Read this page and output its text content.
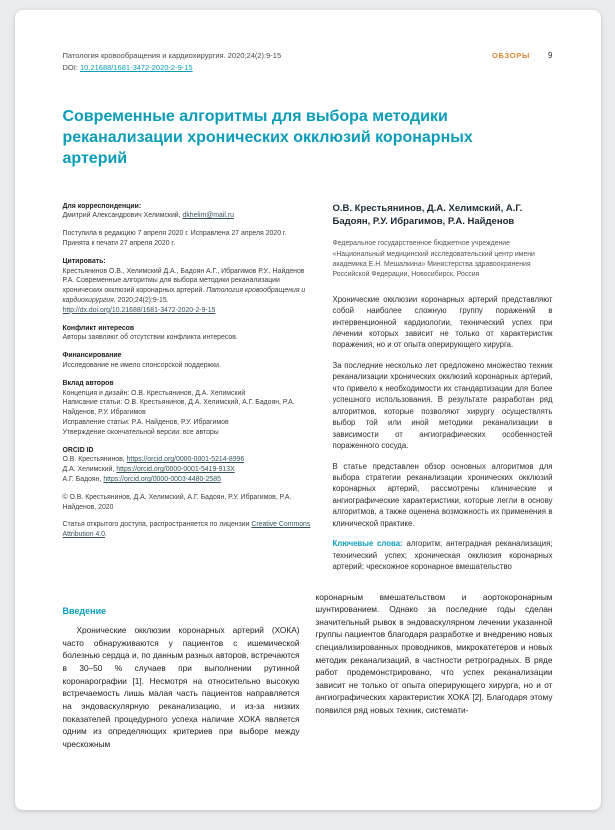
Патология кровообращения и кардиохирургия. 2020;24(2):9-15
DOI: 10.21688/1681-3472-2020-2-9-15
ОБЗОРЫ 9
Современные алгоритмы для выбора методики реканализации хронических окклюзий коронарных артерий
Для корреспонденции:
Дмитрий Александрович Хелимский, dkhelim@mail.ru
Поступила в редакцию 7 апреля 2020 г. Исправлена 27 апреля 2020 г. Принята к печати 27 апреля 2020 г.
Цитировать:
Крестьянинов О.В., Хелимский Д.А., Бадоян А.Г., Ибрагимов Р.У., Найденов Р.А. Современные алгоритмы для выбора методики реканализации хронических окклюзий коронарных артерий. Патология кровообращения и кардиохирургия. 2020;24(2):9-15.
http://dx.doi.org/10.21688/1681-3472-2020-2-9-15
Конфликт интересов
Авторы заявляют об отсутствии конфликта интересов.
Финансирование
Исследование не имело спонсорской поддержки.
Вклад авторов
Концепция и дизайн: О.В. Крестьянинов, Д.А. Хелимский
Написание статьи: О.В. Крестьянинов, Д.А. Хелимский, А.Г. Бадоян, Р.А. Найденов, Р.У. Ибрагимов
Исправление статьи: Р.А. Найденов, Р.У. Ибрагимов
Утверждение окончательной версии: все авторы
ORCID ID
О.В. Крестьянинов, https://orcid.org/0000-0001-5214-8996
Д.А. Хелимский, https://orcid.org/0000-0001-5419-913X
А.Г. Бадоян, https://orcid.org/0000-0003-4480-2585
© О.В. Крестьянинов, Д.А. Хелимский, А.Г. Бадоян, Р.У. Ибрагимов, Р.А. Найденов, 2020
Статья открытого доступа, распространяется по лицензии Creative Commons Attribution 4.0.
О.В. Крестьянинов, Д.А. Хелимский, А.Г. Бадоян, Р.У. Ибрагимов, Р.А. Найденов
Федеральное государственное бюджетное учреждение «Национальный медицинский исследовательский центр имени академика Е.Н. Мешалкина» Министерства здравоохранения Российской Федерации, Новосибирск, Россия

Хронические окклюзии коронарных артерий представляют собой наиболее сложную группу поражений в интервенционной кардиологии, технический успех при лечении которых зависит не только от характеристик поражения, но и от опыта оперирующего хирурга.

За последние несколько лет предложено множество техник реканализации хронических окклюзий коронарных артерий, что привело к необходимости их стандартизации для более успешного использования. В результате разработан ряд алгоритмов, которые позволяют хирургу осуществлять выбор той или иной методики реканализации в зависимости от ангиографических особенностей пораженного сосуда.

В статье представлен обзор основных алгоритмов для выбора стратегии реканализации хронических окклюзий коронарных артерий, рассмотрены клинические и ангиографические характеристики, которые легли в основу алгоритмов, а также оценена возможность их применения в клинической практике.

Ключевые слова: алгоритм; антеградная реканализация; технический успех; хроническая окклюзия коронарных артерий; чрескожное коронарное вмешательство

Введение

Хронические окклюзии коронарных артерий (ХОКА) часто обнаруживаются у пациентов с ишемической болезнью сердца и, по данным разных авторов, встречаются в 30–50 % случаев при выполнении рутинной коронарографии [1]. Несмотря на относительно высокую встречаемость лишь малая часть пациентов направляется на эндоваскулярную реканализацию, и из-за низких показателей процедурного успеха наличие ХОКА является одним из определяющих критериев при выборе между чрескожным

коронарным вмешательством и аортокоронарным шунтированием. Однако за последние годы сделан значительный рывок в эндоваскулярном лечении указанной группы пациентов благодаря разработке и внедрению новых специализированных проводников, микрокатетеров и новых методик реканализаций, в частности ретроградных. В ряде работ продемонстрировано, что успех реканализации зависит не только от опыта оперирующего хирурга, но и от ангиографических характеристик ХОКА [2]. Благодаря этому появился ряд новых техник, системати-
